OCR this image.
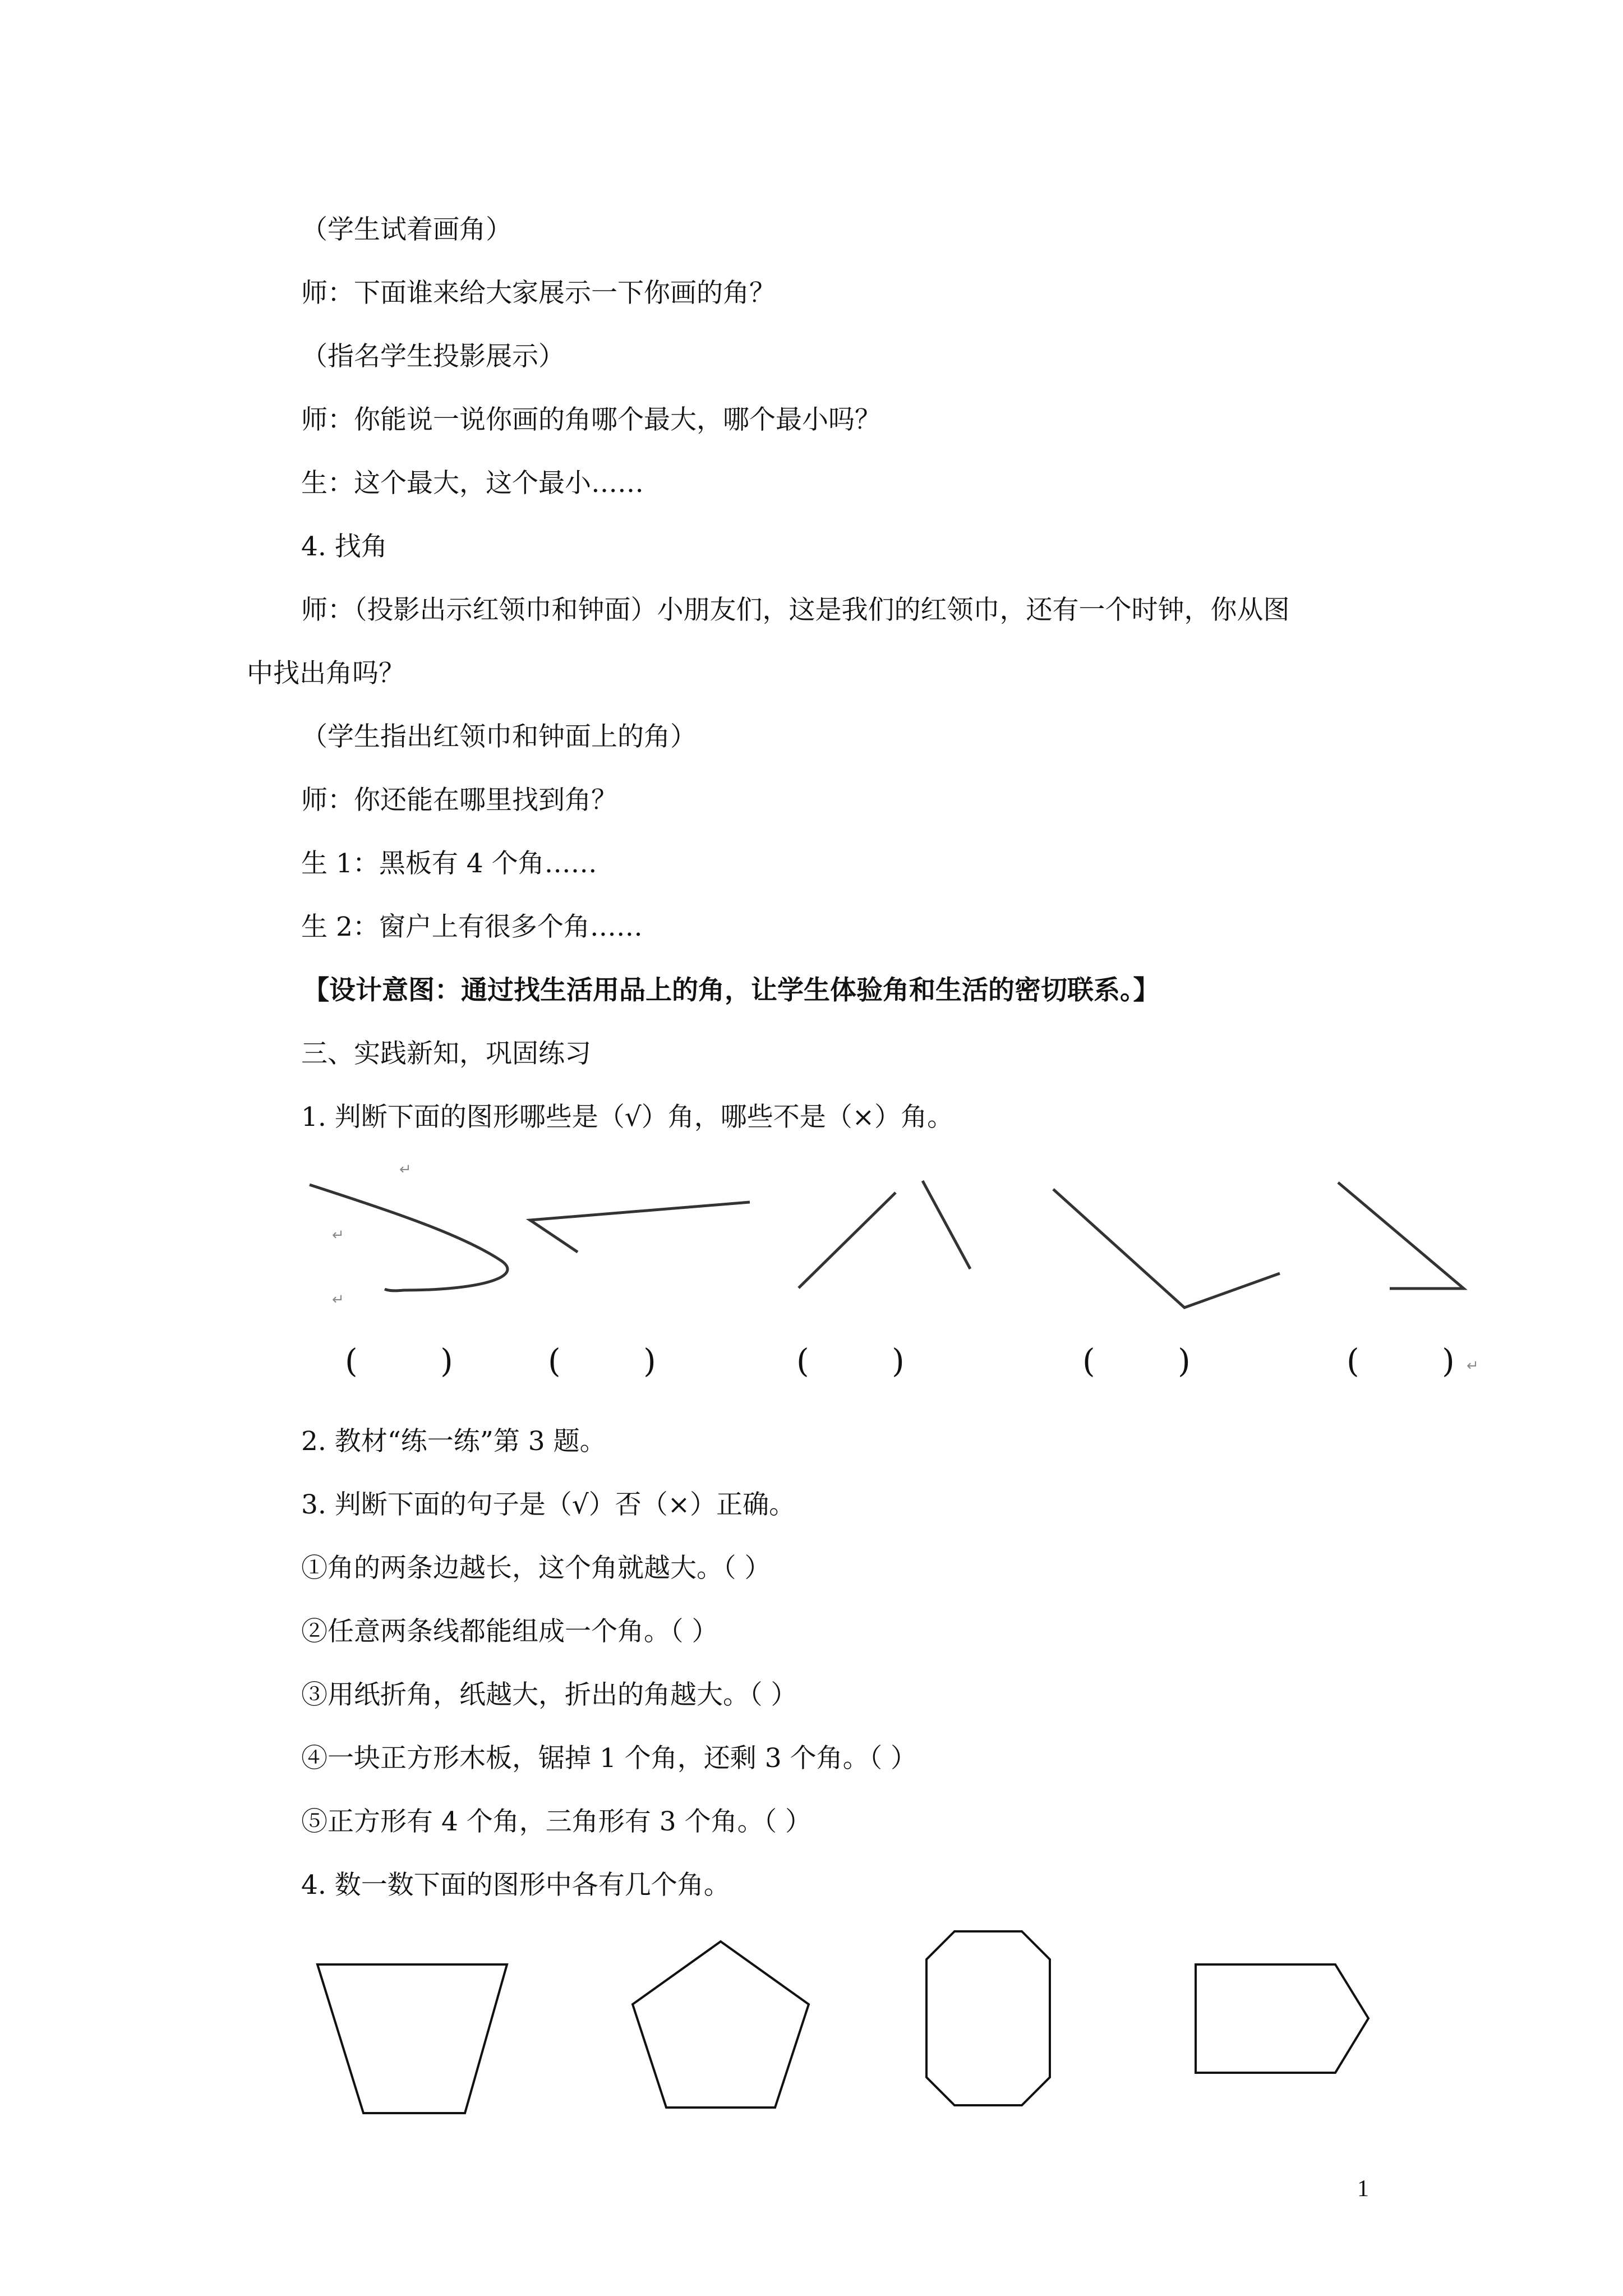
（学生试着画角）
师：下面谁来给大家展示一下你画的角？
（指名学生投影展示）
师：你能说一说你画的角哪个最大，哪个最小吗？
生：这个最大，这个最小……
4. 找角
师：（投影出示红领巾和钟面）小朋友们，这是我们的红领巾，还有一个时钟，你从图
中找出角吗？
（学生指出红领巾和钟面上的角）
师：你还能在哪里找到角？
生 1：黑板有 4 个角……
生 2：窗户上有很多个角……
【设计意图：通过找生活用品上的角，让学生体验角和生活的密切联系。】
三、实践新知，巩固练习
1. 判断下面的图形哪些是（√）角，哪些不是（×）角。
↵
↵
↵
(        )	(        )	(        )	(        )	(        ) ↵
2. 教材“练一练”第 3 题。
3. 判断下面的句子是（√）否（×）正确。
①角的两条边越长，这个角就越大。（ ）
②任意两条线都能组成一个角。（ ）
③用纸折角，纸越大，折出的角越大。（ ）
④一块正方形木板，锯掉 1 个角，还剩 3 个角。（ ）
⑤正方形有 4 个角，三角形有 3 个角。（ ）
4. 数一数下面的图形中各有几个角。
1
